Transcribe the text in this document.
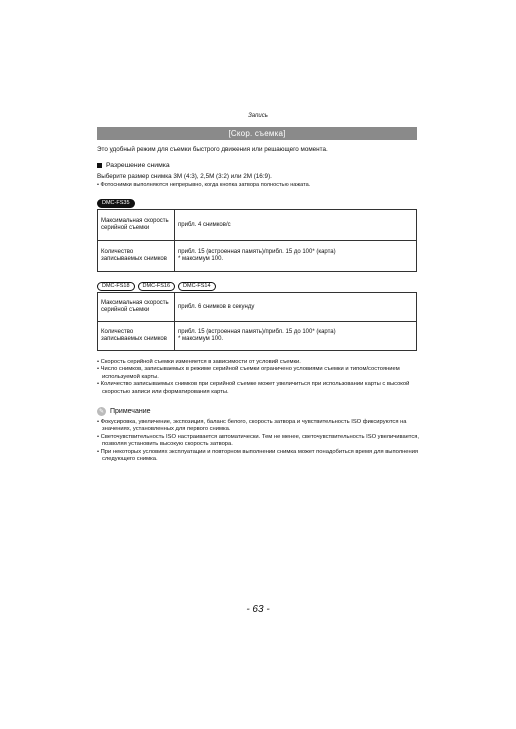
Запись
[Скор. съемка]
Это удобный режим для съемки быстрого движения или решающего момента.
Разрешение снимка
Выберите размер снимка 3M (4:3), 2,5M (3:2) или 2M (16:9).
• Фотоснимки выполняются непрерывно, когда кнопка затвора полностью нажата.
DMC-FS35
Максимальная скорость серийной съемки	прибл. 4 снимков/с
Количество записываемых снимков	прибл. 15 (встроенная память)/прибл. 15 до 100* (карта)
* максимум 100.
DMC-FS18	DMC-FS16	DMC-FS14
Максимальная скорость серийной съемки	прибл. 6 снимков в секунду
Количество записываемых снимков	прибл. 15 (встроенная память)/прибл. 15 до 100* (карта)
* максимум 100.
• Скорость серийной съемки изменяется в зависимости от условий съемки.
• Число снимков, записываемых в режиме серийной съемки ограничено условиями съемки и типом/состоянием используемой карты.
• Количество записываемых снимков при серийной съемке может увеличиться при использовании карты с высокой скоростью записи или форматирования карты.
✎ Примечание
• Фокусировка, увеличение, экспозиция, баланс белого, скорость затвора и чувствительность ISO фиксируются на значениях, установленных для первого снимка.
• Светочувствительность ISO настраивается автоматически. Тем не менее, светочувствительность ISO увеличивается, позволяя установить высокую скорость затвора.
• При некоторых условиях эксплуатации и повторном выполнении снимка может понадобиться время для выполнения следующего снимка.
- 63 -
